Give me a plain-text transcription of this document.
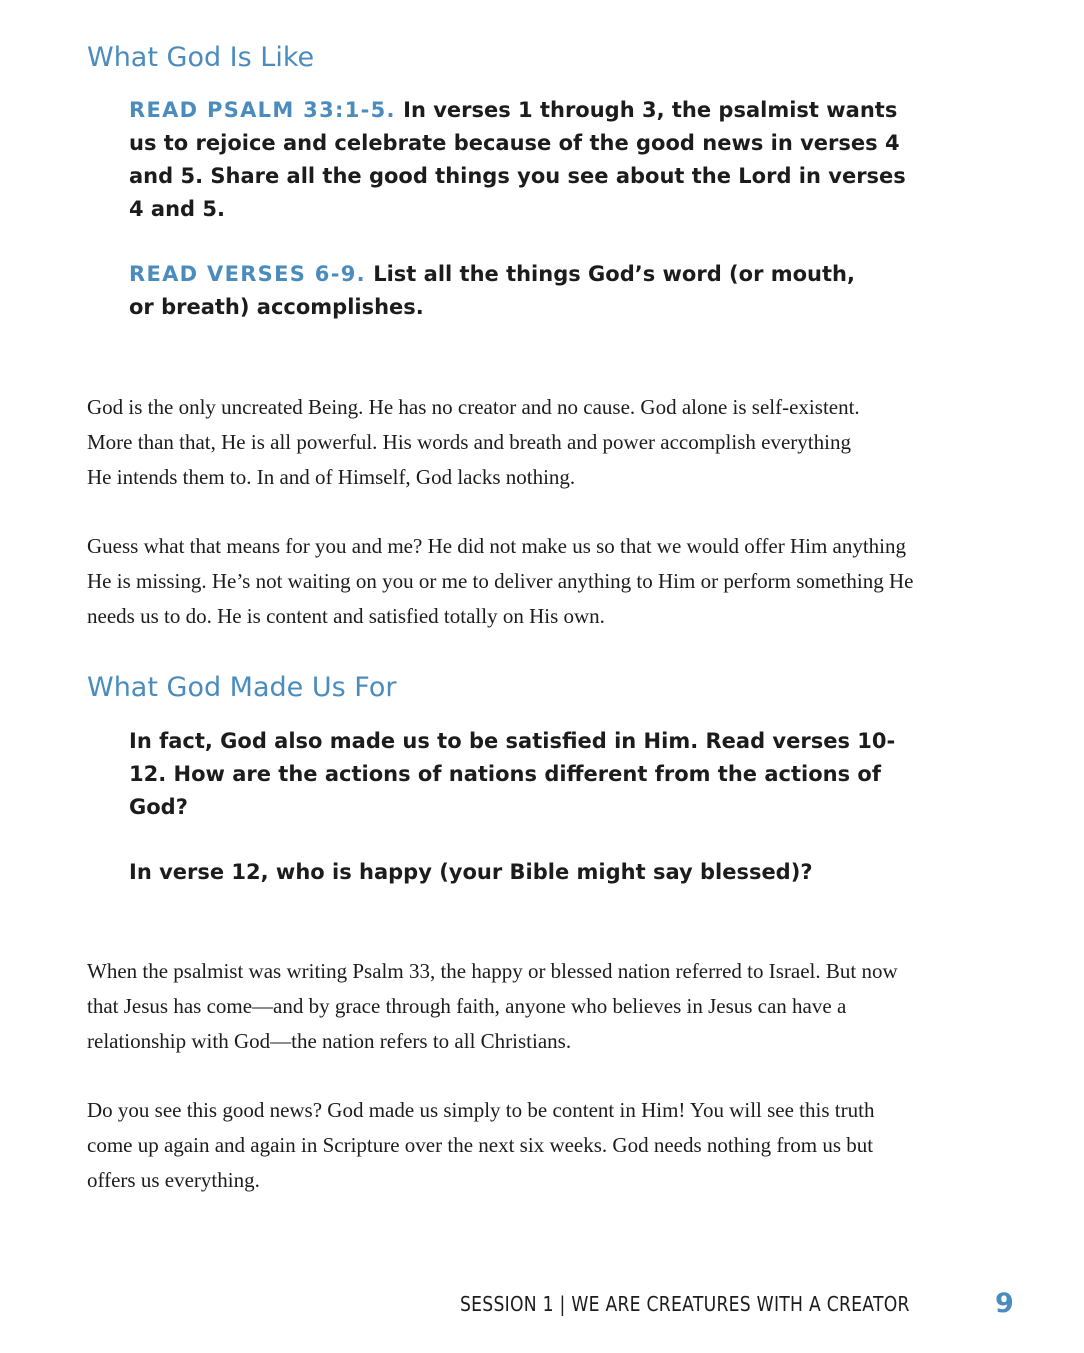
What God Is Like

READ PSALM 33:1-5. In verses 1 through 3, the psalmist wants us to rejoice and celebrate because of the good news in verses 4 and 5. Share all the good things you see about the Lord in verses 4 and 5.

READ VERSES 6-9. List all the things God’s word (or mouth, or breath) accomplishes.

God is the only uncreated Being. He has no creator and no cause. God alone is self-existent. More than that, He is all powerful. His words and breath and power accomplish everything He intends them to. In and of Himself, God lacks nothing.

Guess what that means for you and me? He did not make us so that we would offer Him anything He is missing. He’s not waiting on you or me to deliver anything to Him or perform something He needs us to do. He is content and satisfied totally on His own.

What God Made Us For

In fact, God also made us to be satisfied in Him. Read verses 10-12. How are the actions of nations different from the actions of God?

In verse 12, who is happy (your Bible might say blessed)?

When the psalmist was writing Psalm 33, the happy or blessed nation referred to Israel. But now that Jesus has come—and by grace through faith, anyone who believes in Jesus can have a relationship with God—the nation refers to all Christians.

Do you see this good news? God made us simply to be content in Him! You will see this truth come up again and again in Scripture over the next six weeks. God needs nothing from us but offers us everything.

SESSION 1 | WE ARE CREATURES WITH A CREATOR	9
